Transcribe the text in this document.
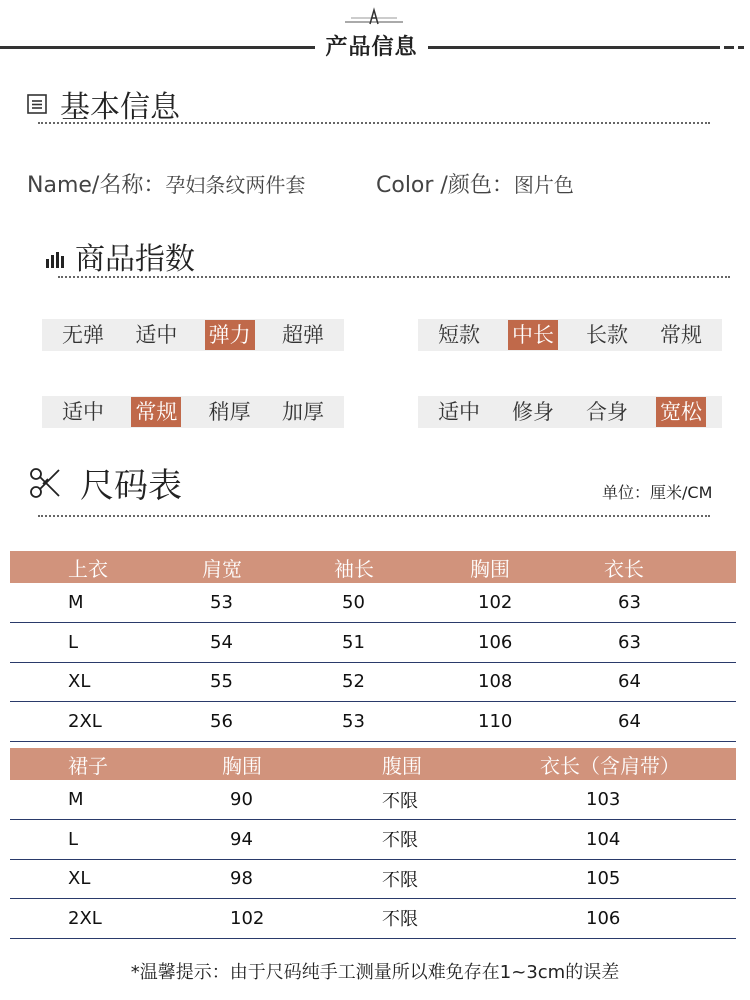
产品信息
基本信息
Name/名称：孕妇条纹两件套	Color /颜色：图片色
商品指数
无弹 适中 弹力 超弹	短款 中长 长款 常规
适中 常规 稍厚 加厚	适中 修身 合身 宽松
尺码表	单位：厘米/CM
上衣	肩宽	袖长	胸围	衣长
M	53	50	102	63
L	54	51	106	63
XL	55	52	108	64
2XL	56	53	110	64
裙子	胸围	腹围	衣长（含肩带）
M	90	不限	103
L	94	不限	104
XL	98	不限	105
2XL	102	不限	106
*温馨提示：由于尺码纯手工测量所以难免存在1~3cm的误差
